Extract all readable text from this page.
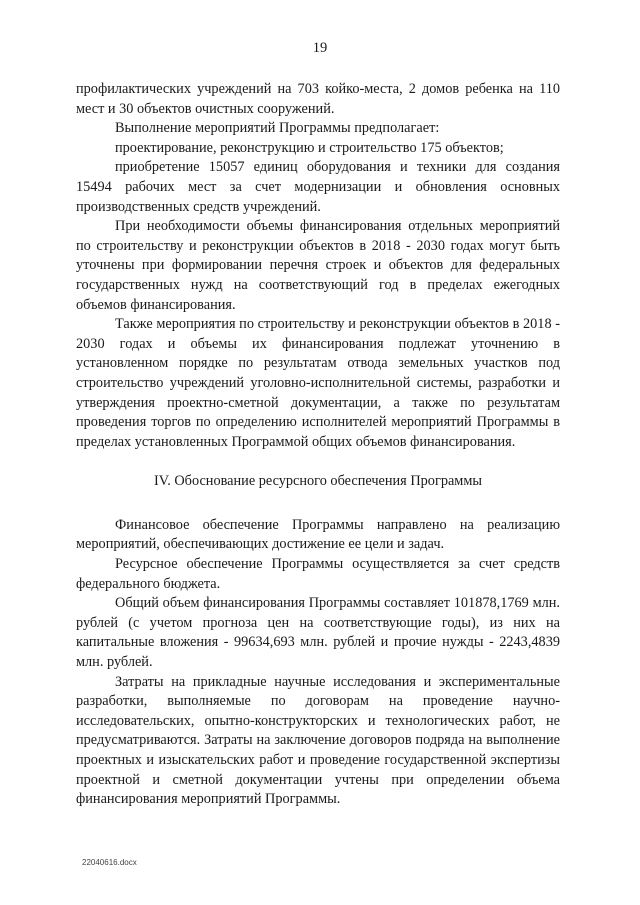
19

профилактических учреждений на 703 койко-места, 2 домов ребенка на 110 мест и 30 объектов очистных сооружений.

Выполнение мероприятий Программы предполагает:

проектирование, реконструкцию и строительство 175 объектов;

приобретение 15057 единиц оборудования и техники для создания 15494 рабочих мест за счет модернизации и обновления основных производственных средств учреждений.

При необходимости объемы финансирования отдельных мероприятий по строительству и реконструкции объектов в 2018 - 2030 годах могут быть уточнены при формировании перечня строек и объектов для федеральных государственных нужд на соответствующий год в пределах ежегодных объемов финансирования.

Также мероприятия по строительству и реконструкции объектов в 2018 - 2030 годах и объемы их финансирования подлежат уточнению в установленном порядке по результатам отвода земельных участков под строительство учреждений уголовно-исполнительной системы, разработки и утверждения проектно-сметной документации, а также по результатам проведения торгов по определению исполнителей мероприятий Программы в пределах установленных Программой общих объемов финансирования.

IV. Обоснование ресурсного обеспечения Программы

Финансовое обеспечение Программы направлено на реализацию мероприятий, обеспечивающих достижение ее цели и задач.

Ресурсное обеспечение Программы осуществляется за счет средств федерального бюджета.

Общий объем финансирования Программы составляет 101878,1769 млн. рублей (с учетом прогноза цен на соответствующие годы), из них на капитальные вложения - 99634,693 млн. рублей и прочие нужды - 2243,4839 млн. рублей.

Затраты на прикладные научные исследования и экспериментальные разработки, выполняемые по договорам на проведение научно-исследовательских, опытно-конструкторских и технологических работ, не предусматриваются. Затраты на заключение договоров подряда на выполнение проектных и изыскательских работ и проведение государственной экспертизы проектной и сметной документации учтены при определении объема финансирования мероприятий Программы.

22040616.docx
